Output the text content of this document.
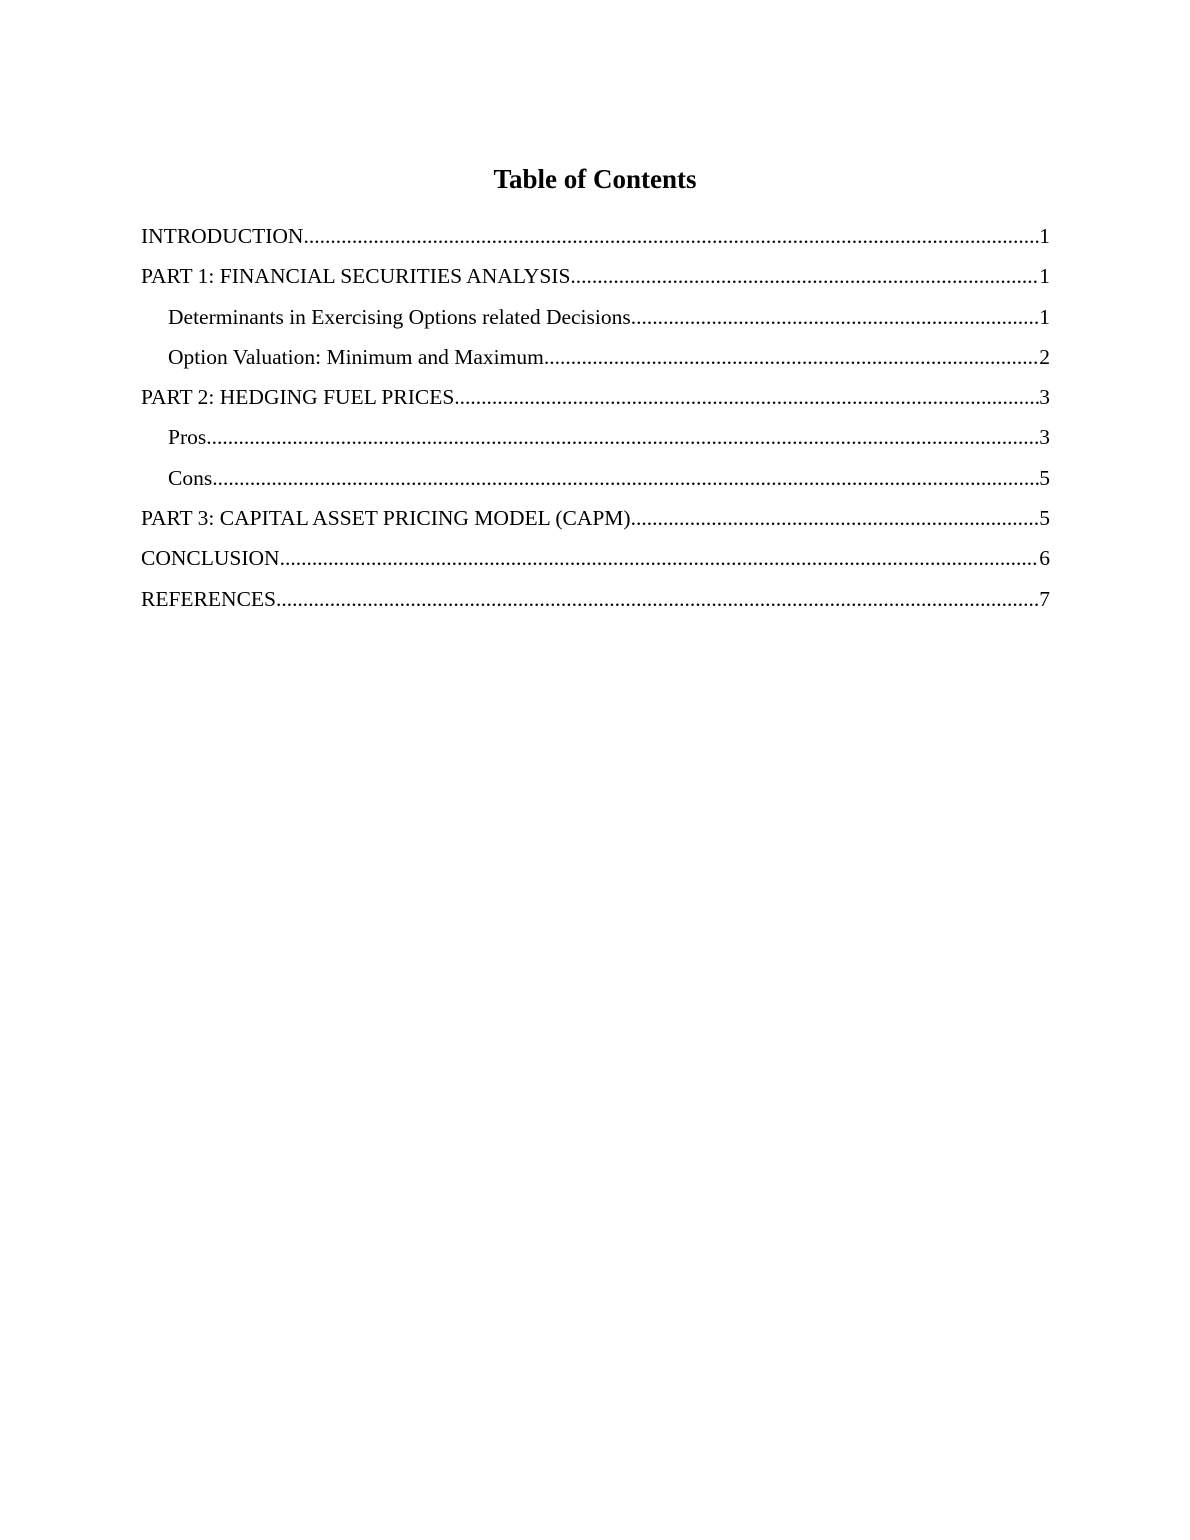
Table of Contents
INTRODUCTION .....	1
PART 1: FINANCIAL SECURITIES ANALYSIS .....	1
Determinants in Exercising Options related Decisions .....	1
Option Valuation: Minimum and Maximum .....	2
PART 2: HEDGING FUEL PRICES .....	3
Pros .....	3
Cons .....	5
PART 3: CAPITAL ASSET PRICING MODEL (CAPM) .....	5
CONCLUSION .....	6
REFERENCES .....	7
